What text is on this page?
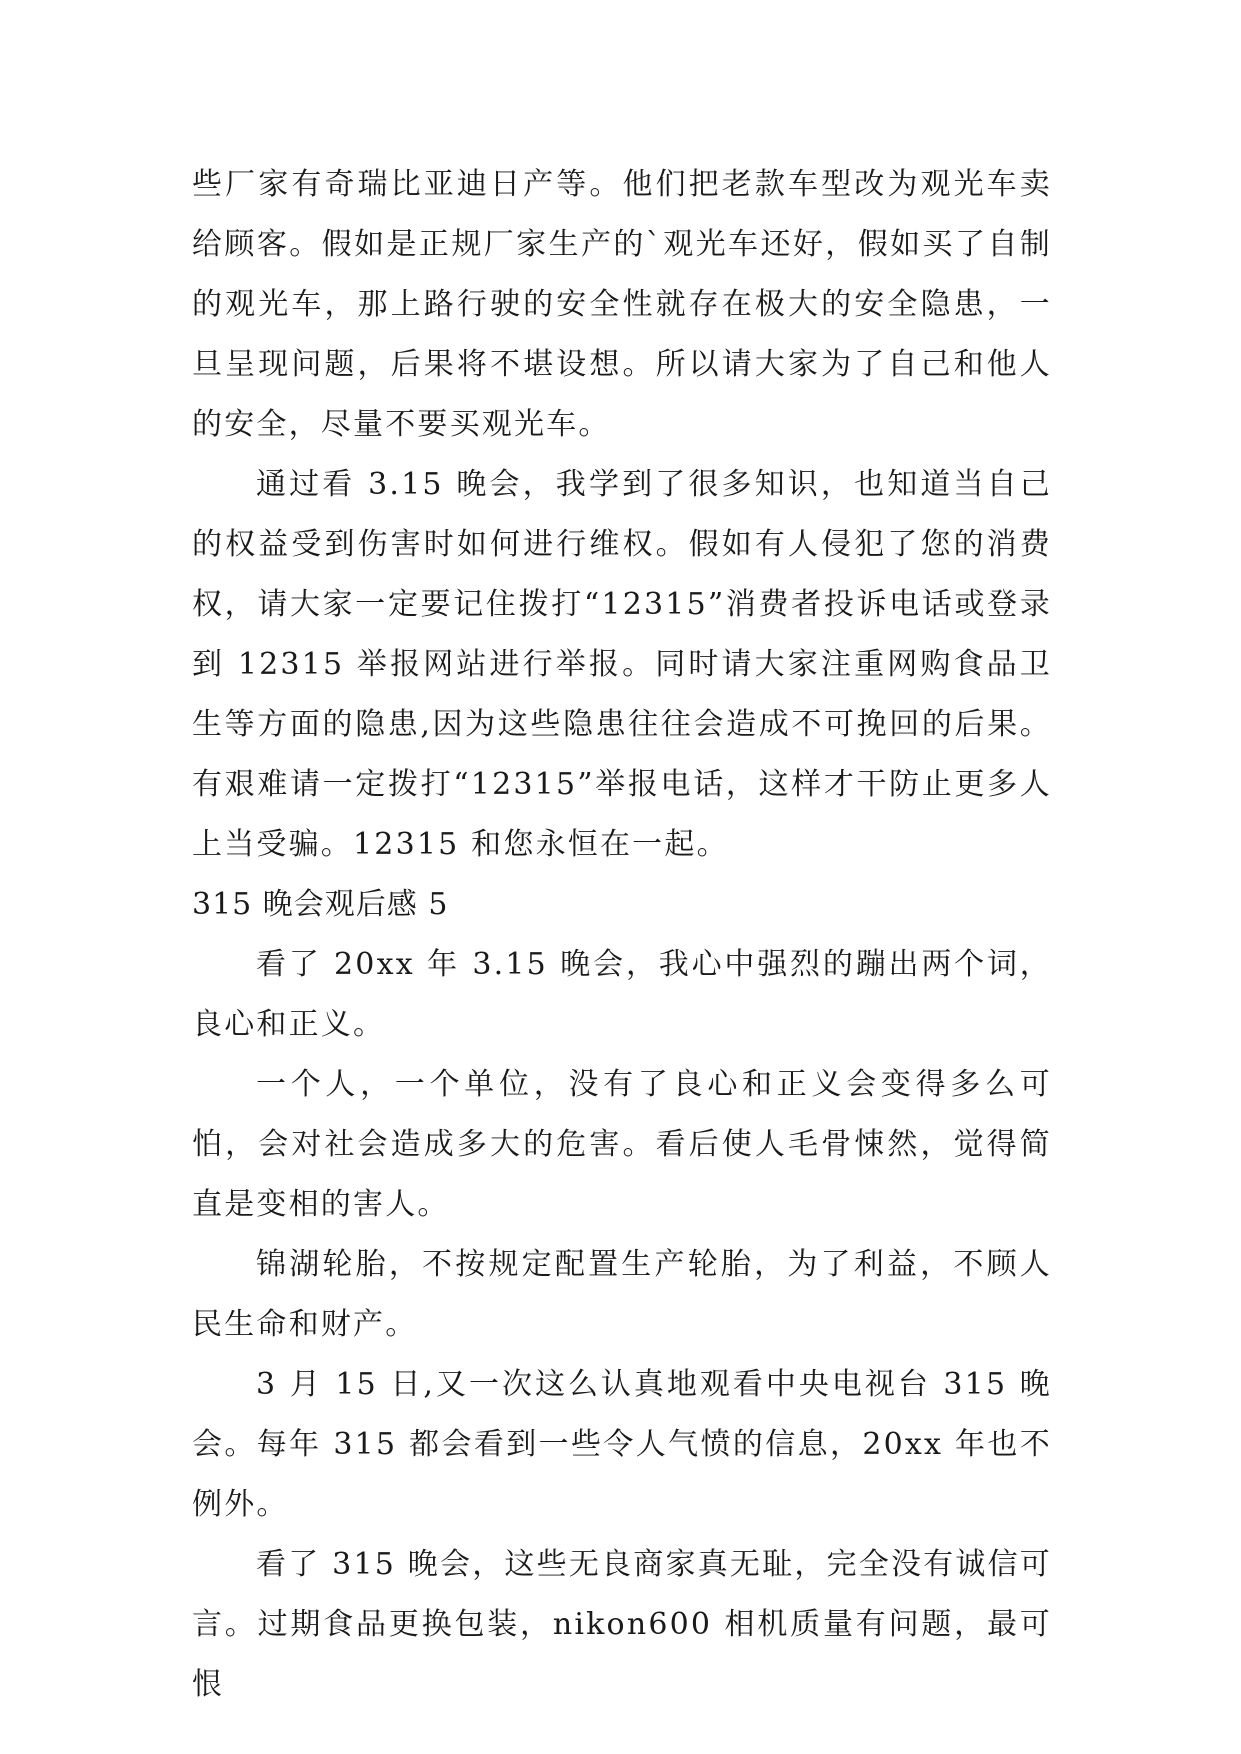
些厂家有奇瑞比亚迪日产等。他们把老款车型改为观光车卖给顾客。假如是正规厂家生产的`观光车还好，假如买了自制的观光车，那上路行驶的安全性就存在极大的安全隐患，一旦呈现问题，后果将不堪设想。所以请大家为了自己和他人的安全，尽量不要买观光车。

通过看 3.15 晚会，我学到了很多知识，也知道当自己的权益受到伤害时如何进行维权。假如有人侵犯了您的消费权，请大家一定要记住拨打“12315”消费者投诉电话或登录到 12315 举报网站进行举报。同时请大家注重网购食品卫生等方面的隐患,因为这些隐患往往会造成不可挽回的后果。有艰难请一定拨打“12315”举报电话，这样才干防止更多人上当受骗。12315 和您永恒在一起。

315 晚会观后感 5

看了 20xx 年 3.15 晚会，我心中强烈的蹦出两个词，良心和正义。

一个人，一个单位，没有了良心和正义会变得多么可怕，会对社会造成多大的危害。看后使人毛骨悚然，觉得简直是变相的害人。

锦湖轮胎，不按规定配置生产轮胎，为了利益，不顾人民生命和财产。

3 月 15 日,又一次这么认真地观看中央电视台 315 晚会。每年 315 都会看到一些令人气愤的信息，20xx 年也不例外。

看了 315 晚会，这些无良商家真无耻，完全没有诚信可言。过期食品更换包装，nikon600 相机质量有问题，最可恨
